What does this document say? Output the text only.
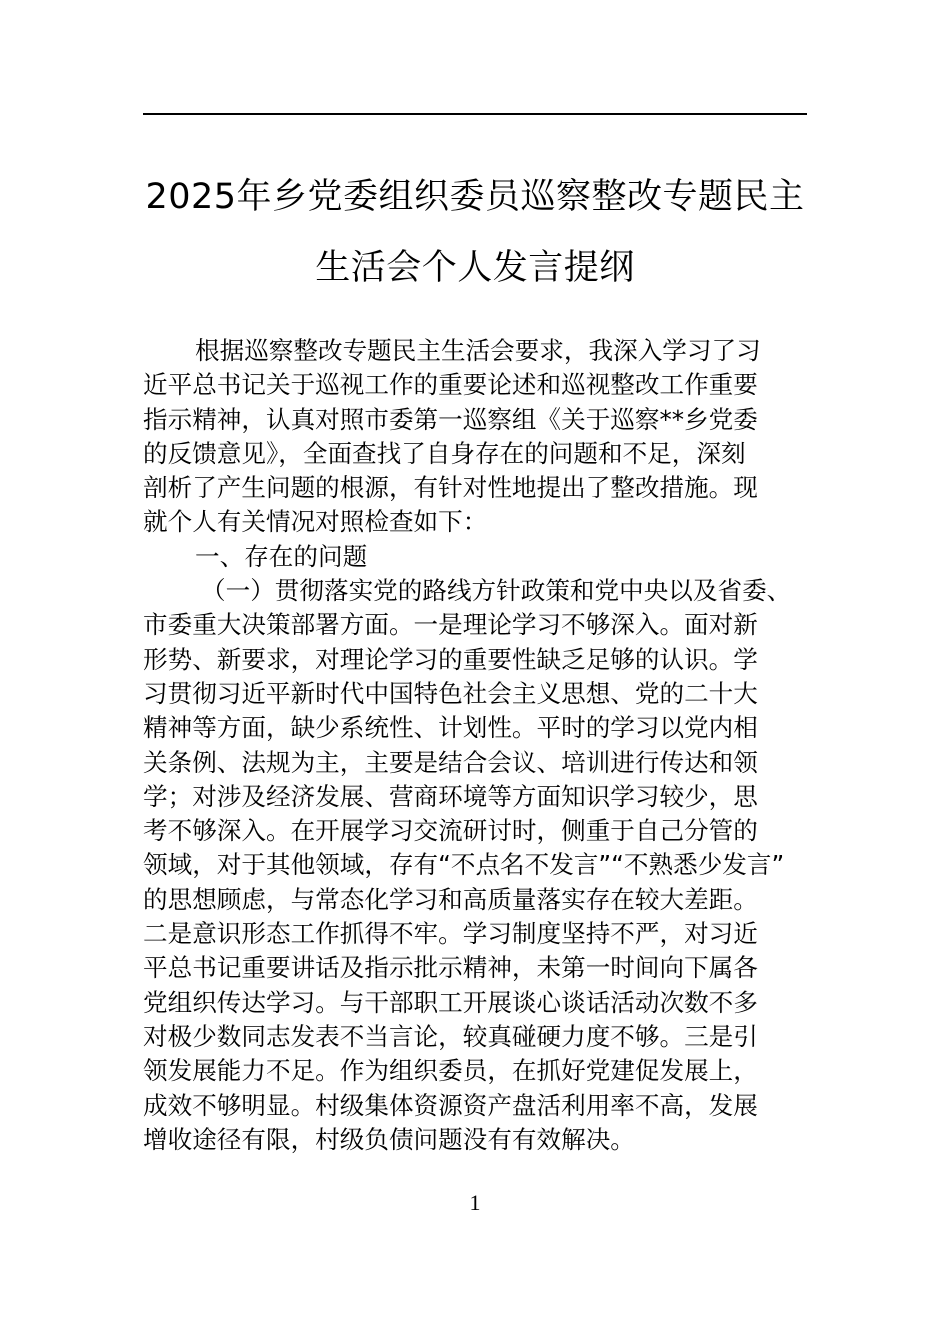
2025年乡党委组织委员巡察整改专题民主
生活会个人发言提纲
根据巡察整改专题民主生活会要求，我深入学习了习
近平总书记关于巡视工作的重要论述和巡视整改工作重要
指示精神，认真对照市委第一巡察组《关于巡察**乡党委
的反馈意见》，全面查找了自身存在的问题和不足，深刻
剖析了产生问题的根源，有针对性地提出了整改措施。现
就个人有关情况对照检查如下：
一、存在的问题
（一）贯彻落实党的路线方针政策和党中央以及省委、
市委重大决策部署方面。一是理论学习不够深入。面对新
形势、新要求，对理论学习的重要性缺乏足够的认识。学
习贯彻习近平新时代中国特色社会主义思想、党的二十大
精神等方面，缺少系统性、计划性。平时的学习以党内相
关条例、法规为主，主要是结合会议、培训进行传达和领
学；对涉及经济发展、营商环境等方面知识学习较少，思
考不够深入。在开展学习交流研讨时，侧重于自己分管的
领域，对于其他领域，存有“不点名不发言”“不熟悉少发言”
的思想顾虑，与常态化学习和高质量落实存在较大差距。
二是意识形态工作抓得不牢。学习制度坚持不严，对习近
平总书记重要讲话及指示批示精神，未第一时间向下属各
党组织传达学习。与干部职工开展谈心谈话活动次数不多
对极少数同志发表不当言论，较真碰硬力度不够。三是引
领发展能力不足。作为组织委员，在抓好党建促发展上，
成效不够明显。村级集体资源资产盘活利用率不高，发展
增收途径有限，村级负债问题没有有效解决。
1
